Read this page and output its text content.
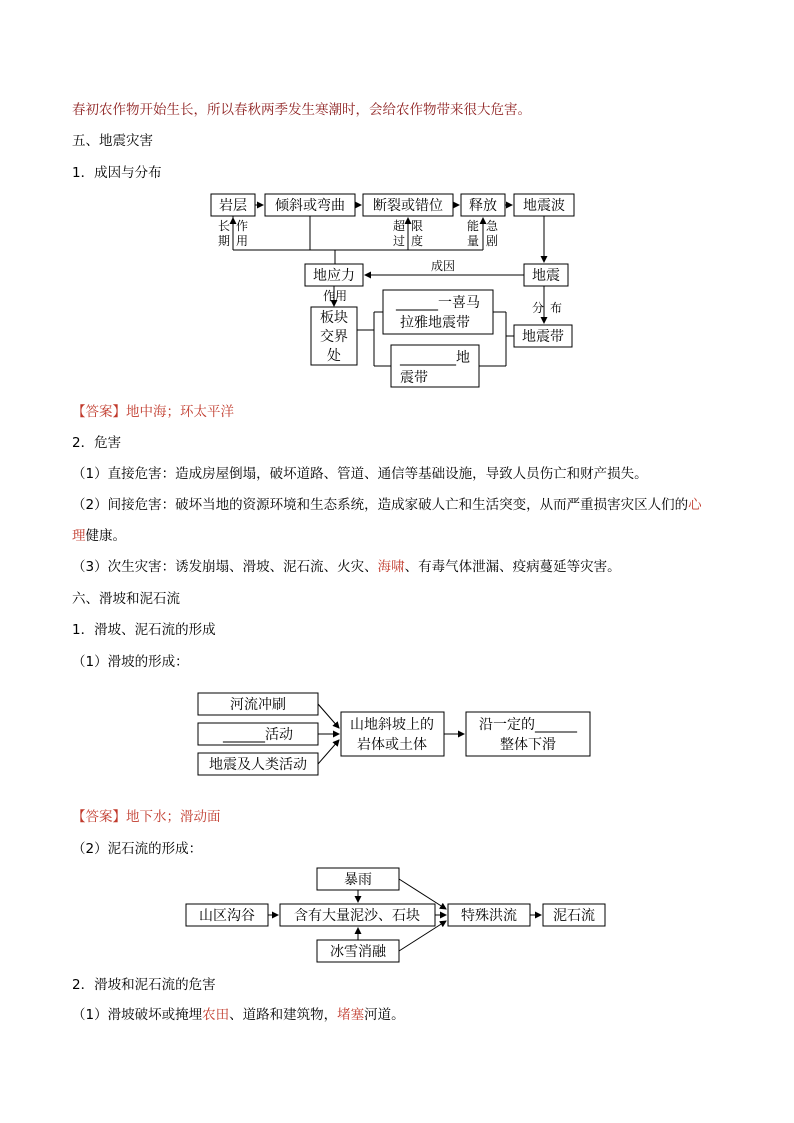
春初农作物开始生长，所以春秋两季发生寒潮时，会给农作物带来很大危害。
五、地震灾害
1．成因与分布
岩层 倾斜或弯曲 断裂或错位 释放 地震波
长
期
作
用
超
过
限
度
能
量
急
剧
地应力	地震
成因
作用
板块
交界
处
______一喜马
拉雅地震带
________地
震带
地震带
分 布
河流冲刷
______活动
地震及人类活动
山地斜坡上的
岩体或土体
沿一定的______
整体下滑
暴雨
山区沟谷	含有大量泥沙、石块	特殊洪流	泥石流
冰雪消融
【答案】地中海；环太平洋
2．危害
（1）直接危害：造成房屋倒塌，破坏道路、管道、通信等基础设施，导致人员伤亡和财产损失。
（2）间接危害：破坏当地的资源环境和生态系统，造成家破人亡和生活突变，从而严重损害灾区人们的心
理健康。
（3）次生灾害：诱发崩塌、滑坡、泥石流、火灾、海啸、有毒气体泄漏、疫病蔓延等灾害。
六、滑坡和泥石流
1．滑坡、泥石流的形成
（1）滑坡的形成：
【答案】地下水；滑动面
（2）泥石流的形成：
2．滑坡和泥石流的危害
（1）滑坡破坏或掩埋农田、道路和建筑物，堵塞河道。
